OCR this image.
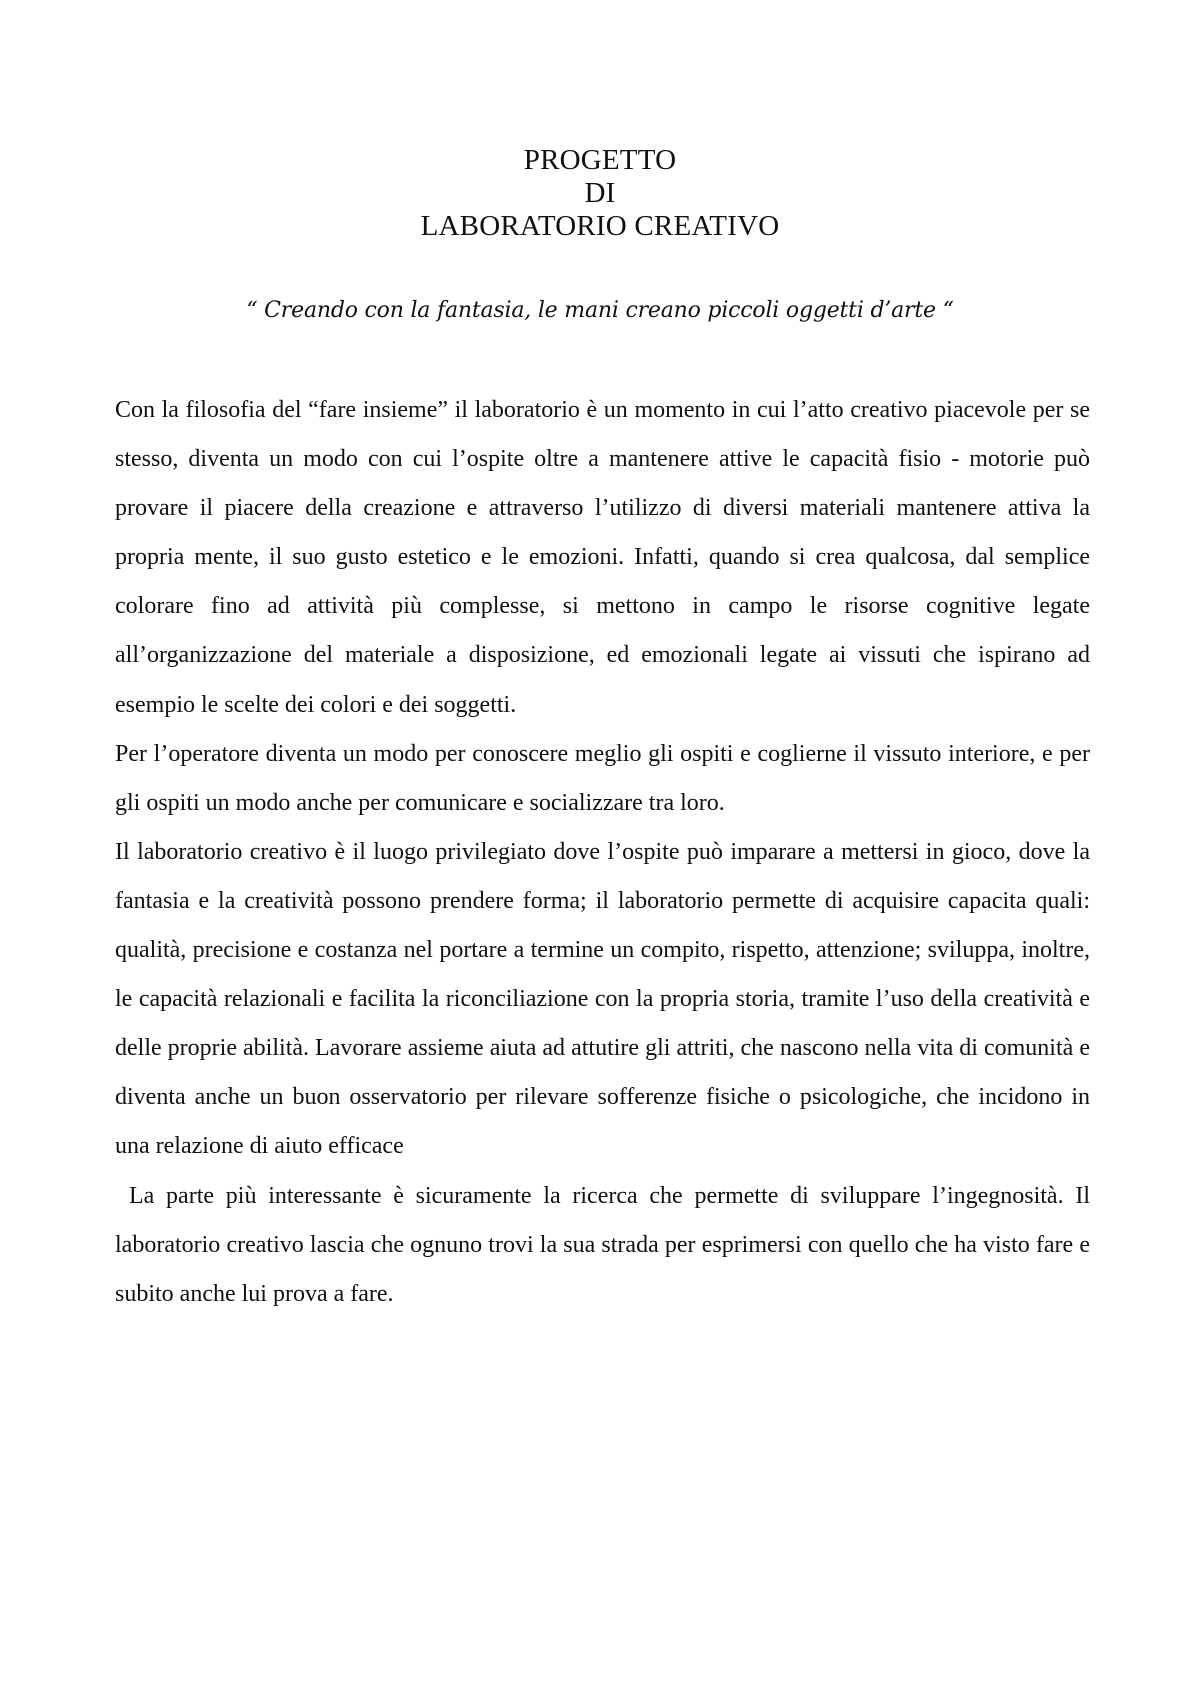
PROGETTO
DI
LABORATORIO CREATIVO
“ Creando con la fantasia, le mani creano piccoli oggetti d’arte “

Con la filosofia del “fare insieme” il laboratorio è un momento in cui l’atto creativo piacevole per se stesso, diventa un modo con cui l’ospite oltre a mantenere attive le capacità fisio - motorie può provare il piacere della creazione e attraverso l’utilizzo di diversi materiali mantenere attiva la propria mente, il suo gusto estetico e le emozioni. Infatti, quando si crea qualcosa, dal semplice colorare fino ad attività più complesse, si mettono in campo le risorse cognitive legate all’organizzazione del materiale a disposizione, ed emozionali legate ai vissuti che ispirano ad esempio le scelte dei colori e dei soggetti.

Per l’operatore diventa un modo per conoscere meglio gli ospiti e coglierne il vissuto interiore, e per gli ospiti un modo anche per comunicare e socializzare tra loro.

Il laboratorio creativo è il luogo privilegiato dove l’ospite può imparare a mettersi in gioco, dove la fantasia e la creatività possono prendere forma; il laboratorio permette di acquisire capacita quali: qualità, precisione e costanza nel portare a termine un compito, rispetto, attenzione; sviluppa, inoltre, le capacità relazionali e facilita la riconciliazione con la propria storia, tramite l’uso della creatività e delle proprie abilità. Lavorare assieme aiuta ad attutire gli attriti, che nascono nella vita di comunità e diventa anche un buon osservatorio per rilevare sofferenze fisiche o psicologiche, che incidono in una relazione di aiuto efficace

La parte più interessante è sicuramente la ricerca che permette di sviluppare l’ingegnosità. Il laboratorio creativo lascia che ognuno trovi la sua strada per esprimersi con quello che ha visto fare e subito anche lui prova a fare.
